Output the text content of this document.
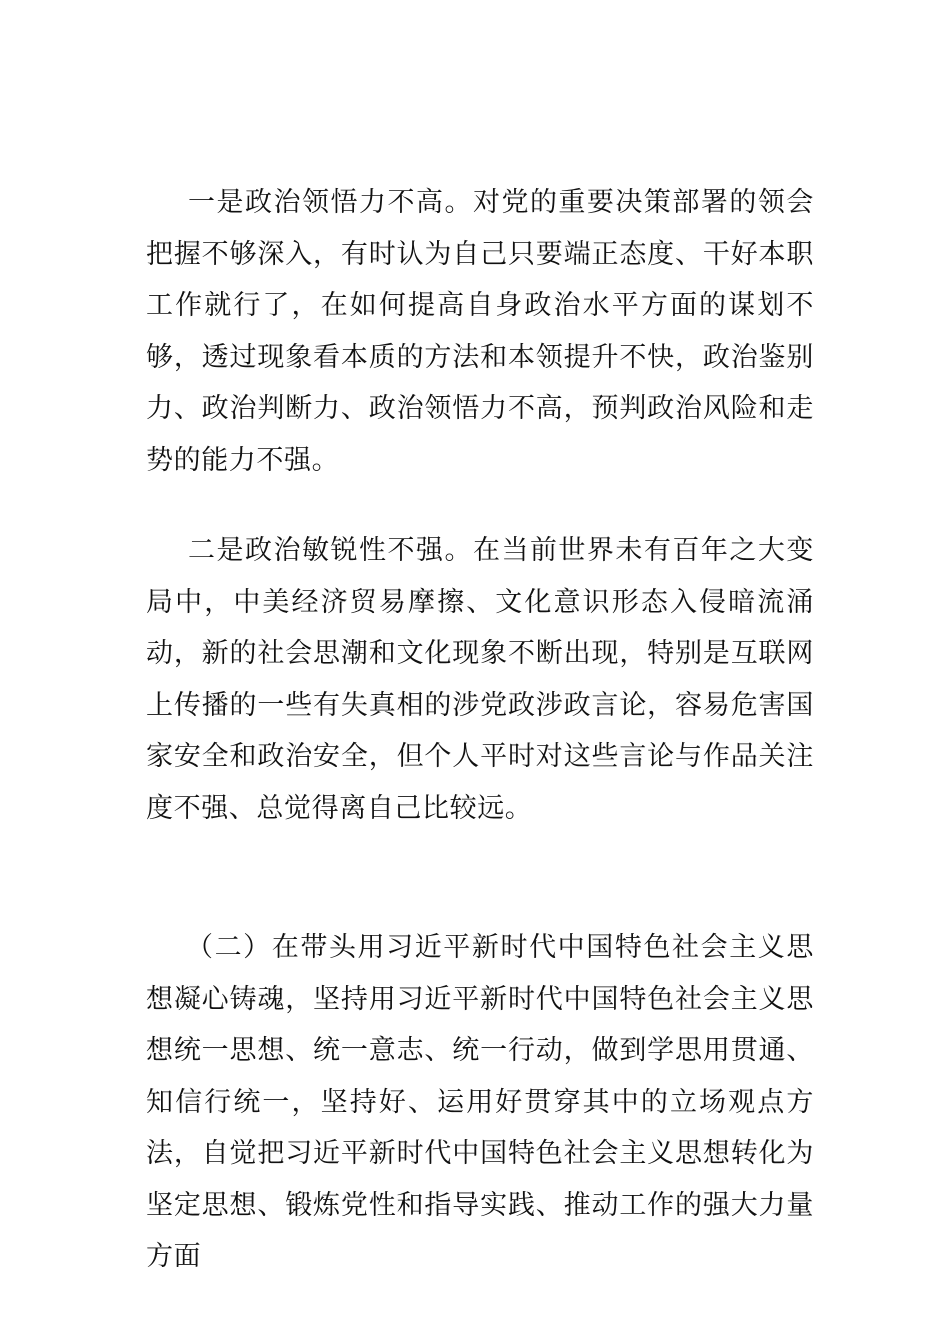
一是政治领悟力不高。对党的重要决策部署的领会把握不够深入，有时认为自己只要端正态度、干好本职工作就行了，在如何提高自身政治水平方面的谋划不够，透过现象看本质的方法和本领提升不快，政治鉴别力、政治判断力、政治领悟力不高，预判政治风险和走势的能力不强。

二是政治敏锐性不强。在当前世界未有百年之大变局中，中美经济贸易摩擦、文化意识形态入侵暗流涌动，新的社会思潮和文化现象不断出现，特别是互联网上传播的一些有失真相的涉党政涉政言论，容易危害国家安全和政治安全，但个人平时对这些言论与作品关注度不强、总觉得离自己比较远。

（二）在带头用习近平新时代中国特色社会主义思想凝心铸魂，坚持用习近平新时代中国特色社会主义思想统一思想、统一意志、统一行动，做到学思用贯通、知信行统一，坚持好、运用好贯穿其中的立场观点方法，自觉把习近平新时代中国特色社会主义思想转化为坚定思想、锻炼党性和指导实践、推动工作的强大力量方面
